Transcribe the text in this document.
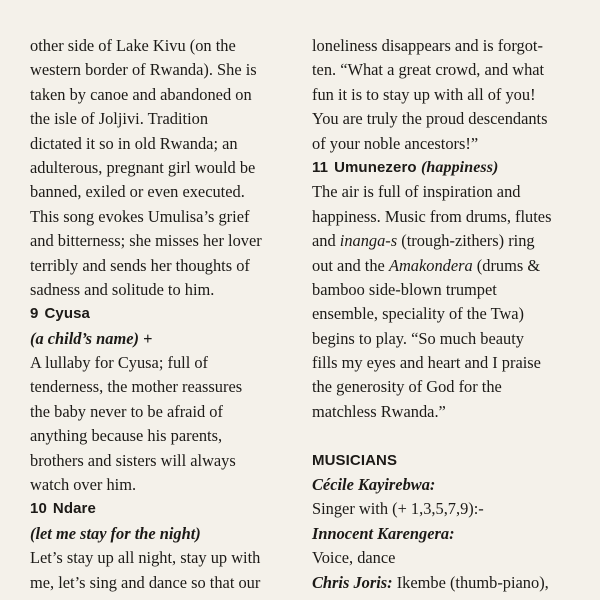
other side of Lake Kivu (on the
western border of Rwanda). She is
taken by canoe and abandoned on
the isle of Joljivi. Tradition
dictated it so in old Rwanda; an
adulterous, pregnant girl would be
banned, exiled or even executed.
This song evokes Umulisa’s grief
and bitterness; she misses her lover
terribly and sends her thoughts of
sadness and solitude to him.
9 Cyusa
(a child’s name) +
A lullaby for Cyusa; full of
tenderness, the mother reassures
the baby never to be afraid of
anything because his parents,
brothers and sisters will always
watch over him.
10 Ndare
(let me stay for the night)
Let’s stay up all night, stay up with
me, let’s sing and dance so that our
loneliness disappears and is forgot-
ten. “What a great crowd, and what
fun it is to stay up with all of you!
You are truly the proud descendants
of your noble ancestors!”
11 Umunezero (happiness)
The air is full of inspiration and
happiness. Music from drums, flutes
and inanga-s (trough-zithers) ring
out and the Amakondera (drums &
bamboo side-blown trumpet
ensemble, speciality of the Twa)
begins to play. “So much beauty
fills my eyes and heart and I praise
the generosity of God for the
matchless Rwanda.”
MUSICIANS
Cécile Kayirebwa:
Singer with (+ 1,3,5,7,9):-
Innocent Karengera:
Voice, dance
Chris Joris: Ikembe (thumb-piano),
